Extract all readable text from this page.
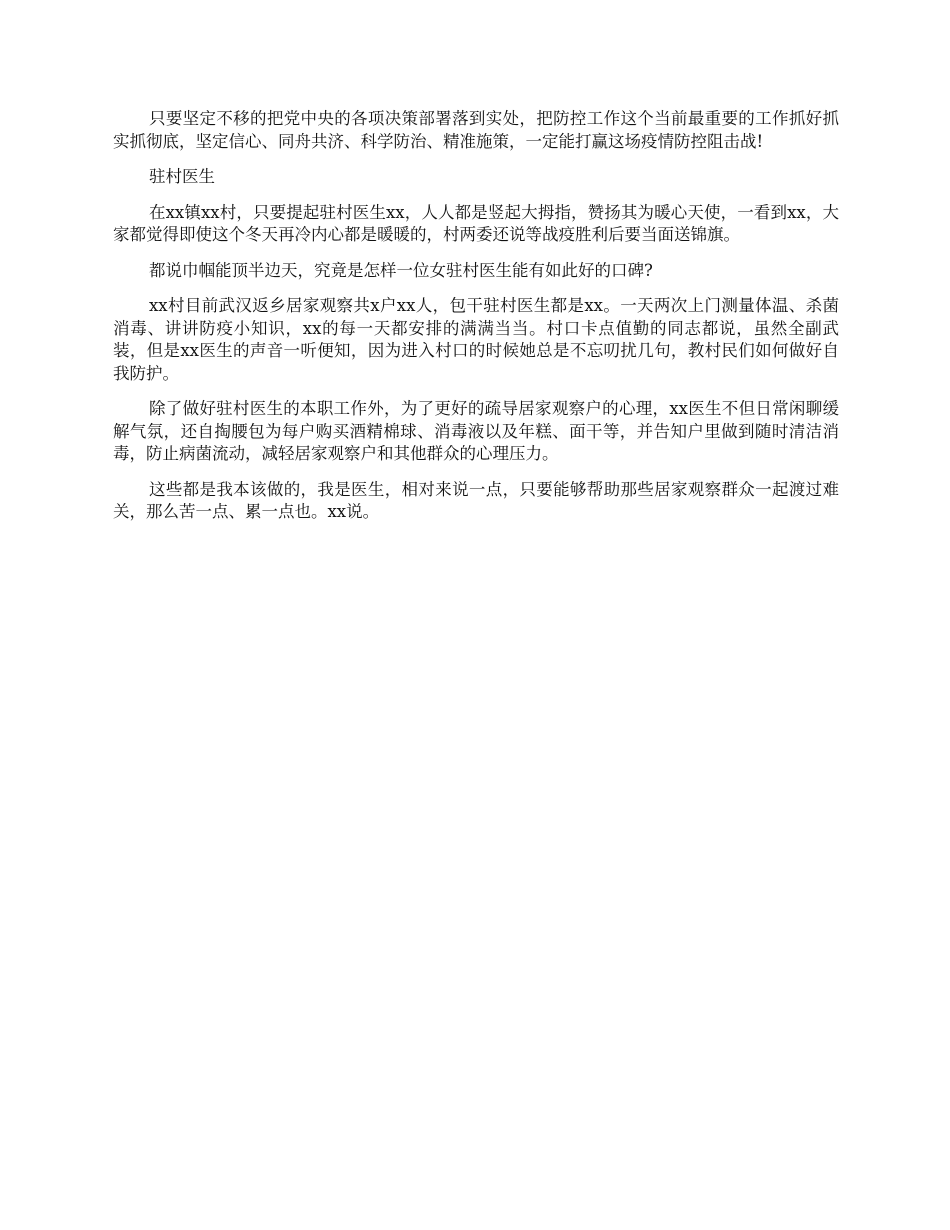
只要坚定不移的把党中央的各项决策部署落到实处，把防控工作这个当前最重要的工作抓好抓实抓彻底，坚定信心、同舟共济、科学防治、精准施策，一定能打赢这场疫情防控阻击战!

驻村医生

在xx镇xx村，只要提起驻村医生xx，人人都是竖起大拇指，赞扬其为暖心天使，一看到xx，大家都觉得即使这个冬天再冷内心都是暖暖的，村两委还说等战疫胜利后要当面送锦旗。

都说巾帼能顶半边天，究竟是怎样一位女驻村医生能有如此好的口碑?

xx村目前武汉返乡居家观察共x户xx人，包干驻村医生都是xx。一天两次上门测量体温、杀菌消毒、讲讲防疫小知识，xx的每一天都安排的满满当当。村口卡点值勤的同志都说，虽然全副武装，但是xx医生的声音一听便知，因为进入村口的时候她总是不忘叨扰几句，教村民们如何做好自我防护。

除了做好驻村医生的本职工作外，为了更好的疏导居家观察户的心理，xx医生不但日常闲聊缓解气氛，还自掏腰包为每户购买酒精棉球、消毒液以及年糕、面干等，并告知户里做到随时清洁消毒，防止病菌流动，减轻居家观察户和其他群众的心理压力。

这些都是我本该做的，我是医生，相对来说一点，只要能够帮助那些居家观察群众一起渡过难关，那么苦一点、累一点也。xx说。
